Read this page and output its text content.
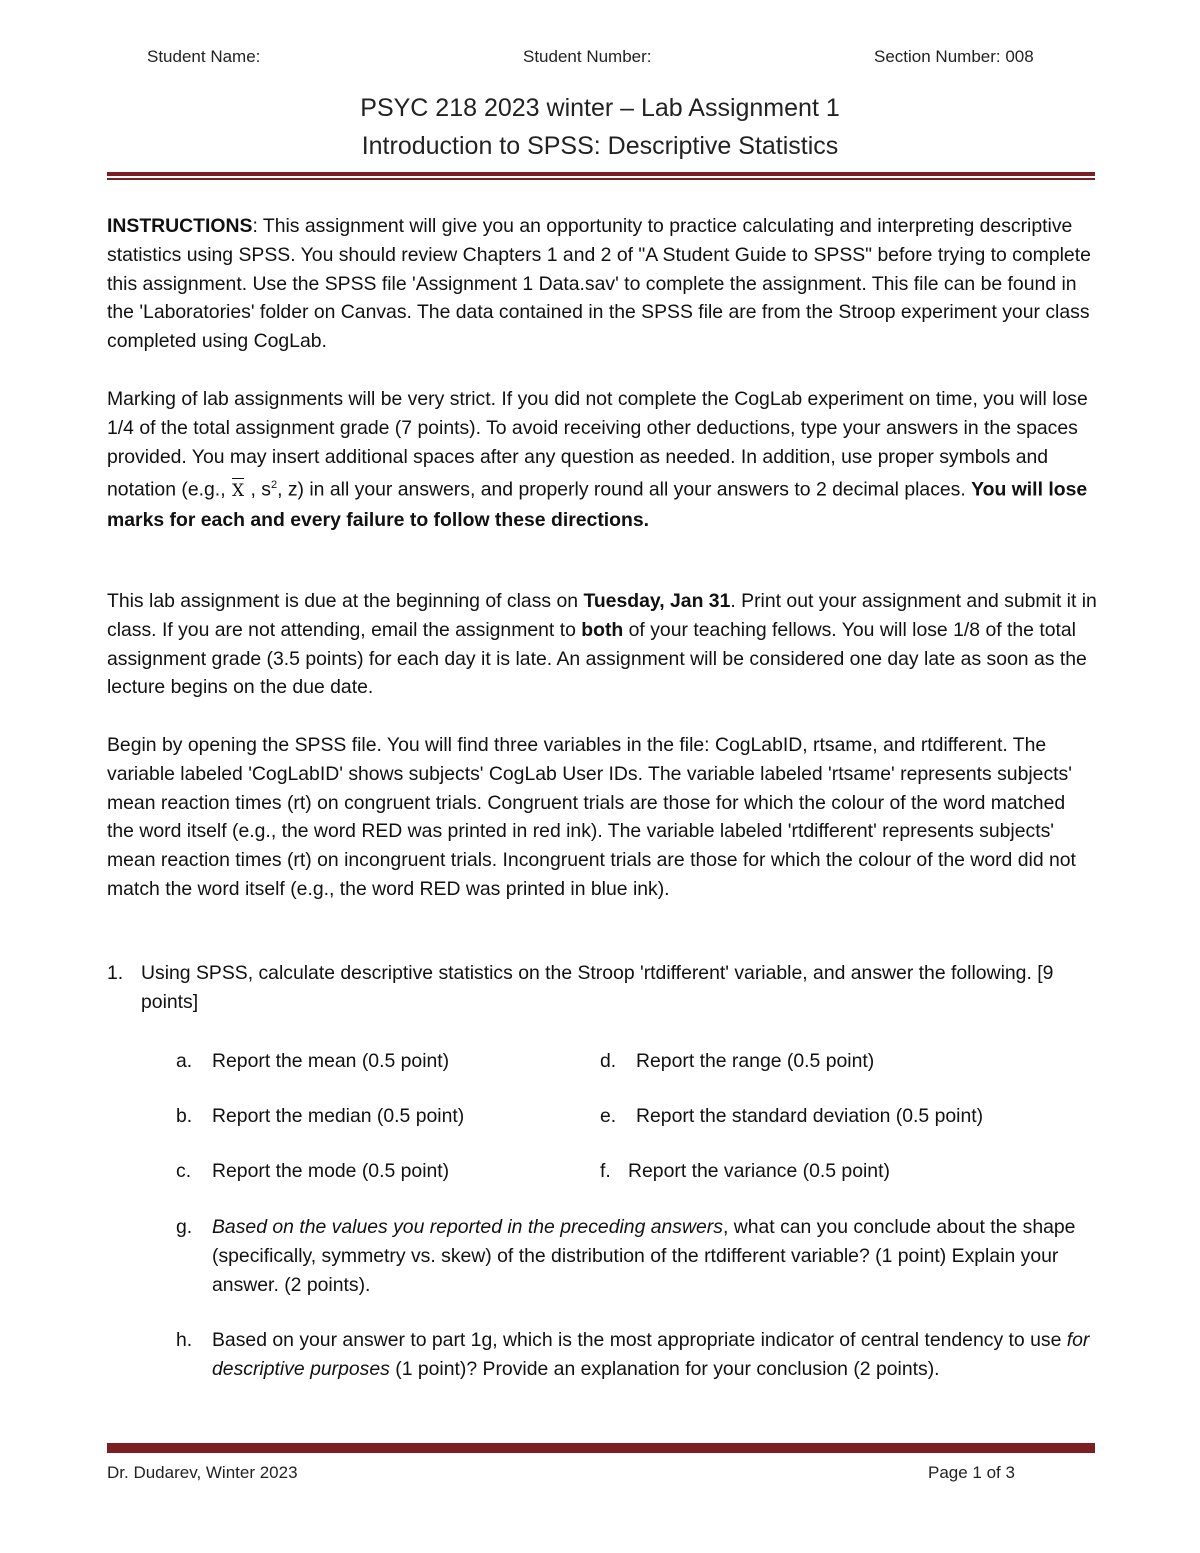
Student Name:	Student Number:	Section Number: 008
PSYC 218 2023 winter – Lab Assignment 1
Introduction to SPSS: Descriptive Statistics
INSTRUCTIONS: This assignment will give you an opportunity to practice calculating and interpreting descriptive statistics using SPSS. You should review Chapters 1 and 2 of "A Student Guide to SPSS" before trying to complete this assignment. Use the SPSS file 'Assignment 1 Data.sav' to complete the assignment. This file can be found in the 'Laboratories' folder on Canvas. The data contained in the SPSS file are from the Stroop experiment your class completed using CogLab.
Marking of lab assignments will be very strict. If you did not complete the CogLab experiment on time, you will lose 1/4 of the total assignment grade (7 points). To avoid receiving other deductions, type your answers in the spaces provided. You may insert additional spaces after any question as needed. In addition, use proper symbols and notation (e.g., X , $s^2$, z) in all your answers, and properly round all your answers to 2 decimal places. You will lose marks for each and every failure to follow these directions.
This lab assignment is due at the beginning of class on Tuesday, Jan 31. Print out your assignment and submit it in class. If you are not attending, email the assignment to both of your teaching fellows. You will lose 1/8 of the total assignment grade (3.5 points) for each day it is late. An assignment will be considered one day late as soon as the lecture begins on the due date.
Begin by opening the SPSS file. You will find three variables in the file: CogLabID, rtsame, and rtdifferent. The variable labeled 'CogLabID' shows subjects' CogLab User IDs. The variable labeled 'rtsame' represents subjects' mean reaction times (rt) on congruent trials. Congruent trials are those for which the colour of the word matched the word itself (e.g., the word RED was printed in red ink). The variable labeled 'rtdifferent' represents subjects' mean reaction times (rt) on incongruent trials. Incongruent trials are those for which the colour of the word did not match the word itself (e.g., the word RED was printed in blue ink).
1. Using SPSS, calculate descriptive statistics on the Stroop 'rtdifferent' variable, and answer the following. [9 points]
a. Report the mean (0.5 point)
b. Report the median (0.5 point)
c. Report the mode (0.5 point)
d. Report the range (0.5 point)
e. Report the standard deviation (0.5 point)
f. Report the variance (0.5 point)
g. Based on the values you reported in the preceding answers, what can you conclude about the shape (specifically, symmetry vs. skew) of the distribution of the rtdifferent variable? (1 point) Explain your answer. (2 points).
h. Based on your answer to part 1g, which is the most appropriate indicator of central tendency to use for descriptive purposes (1 point)? Provide an explanation for your conclusion (2 points).
Dr. Dudarev, Winter 2023	Page 1 of 3
